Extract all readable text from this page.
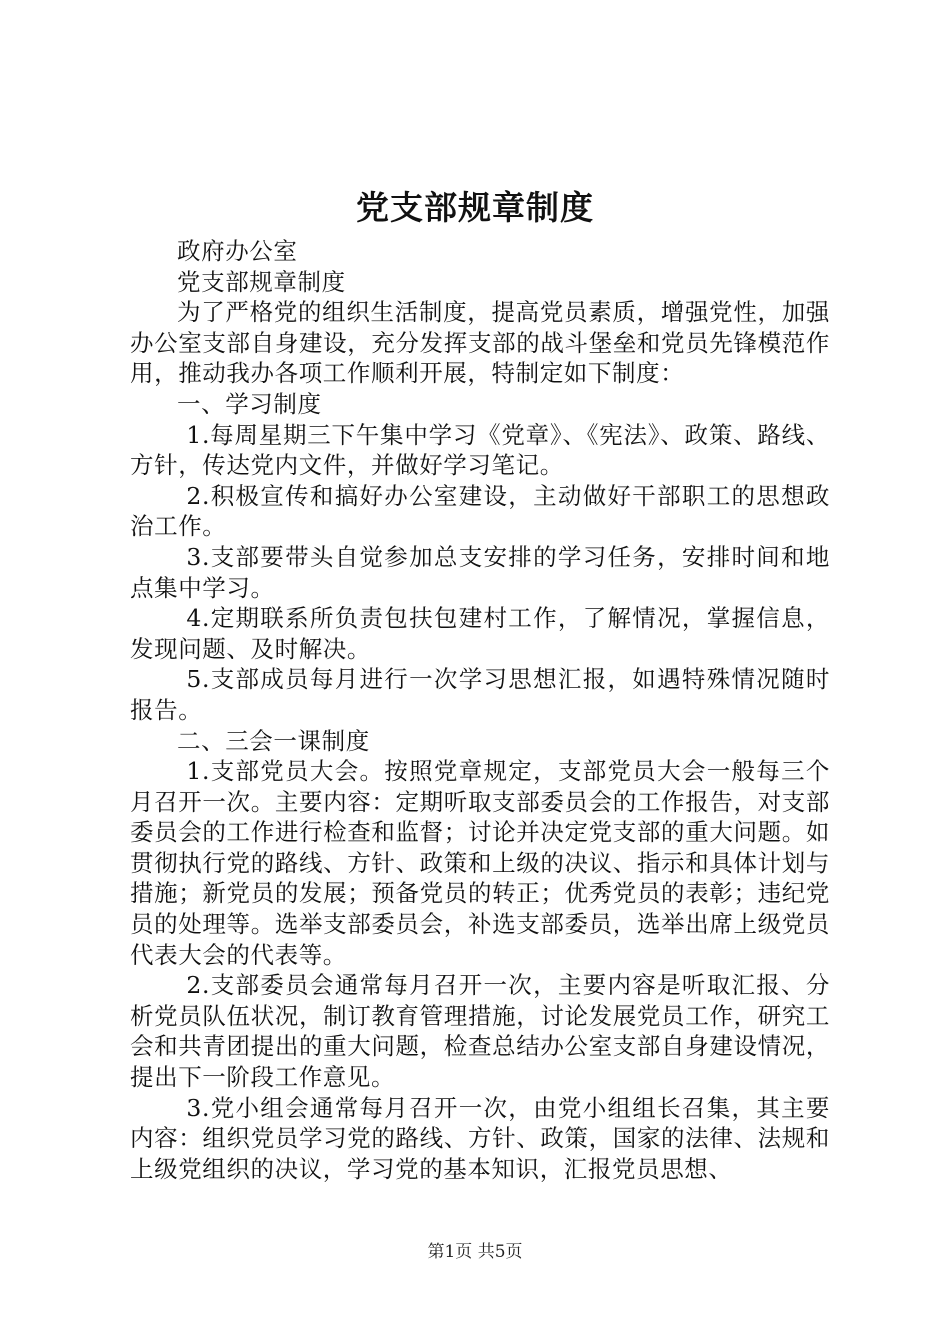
党支部规章制度

政府办公室

党支部规章制度

为了严格党的组织生活制度，提高党员素质，增强党性，加强办公室支部自身建设，充分发挥支部的战斗堡垒和党员先锋模范作用，推动我办各项工作顺利开展，特制定如下制度：

一、学习制度

1.每周星期三下午集中学习《党章》、《宪法》、政策、路线、方针，传达党内文件，并做好学习笔记。

2.积极宣传和搞好办公室建设，主动做好干部职工的思想政治工作。

3.支部要带头自觉参加总支安排的学习任务，安排时间和地点集中学习。

4.定期联系所负责包扶包建村工作，了解情况，掌握信息，发现问题、及时解决。

5.支部成员每月进行一次学习思想汇报，如遇特殊情况随时报告。

二、三会一课制度

1.支部党员大会。按照党章规定，支部党员大会一般每三个月召开一次。主要内容：定期听取支部委员会的工作报告，对支部委员会的工作进行检查和监督；讨论并决定党支部的重大问题。如贯彻执行党的路线、方针、政策和上级的决议、指示和具体计划与措施；新党员的发展；预备党员的转正；优秀党员的表彰；违纪党员的处理等。选举支部委员会，补选支部委员，选举出席上级党员代表大会的代表等。

2.支部委员会通常每月召开一次，主要内容是听取汇报、分析党员队伍状况，制订教育管理措施，讨论发展党员工作，研究工会和共青团提出的重大问题，检查总结办公室支部自身建设情况，提出下一阶段工作意见。

3.党小组会通常每月召开一次，由党小组组长召集，其主要内容：组织党员学习党的路线、方针、政策，国家的法律、法规和上级党组织的决议，学习党的基本知识，汇报党员思想、

第1页 共5页
